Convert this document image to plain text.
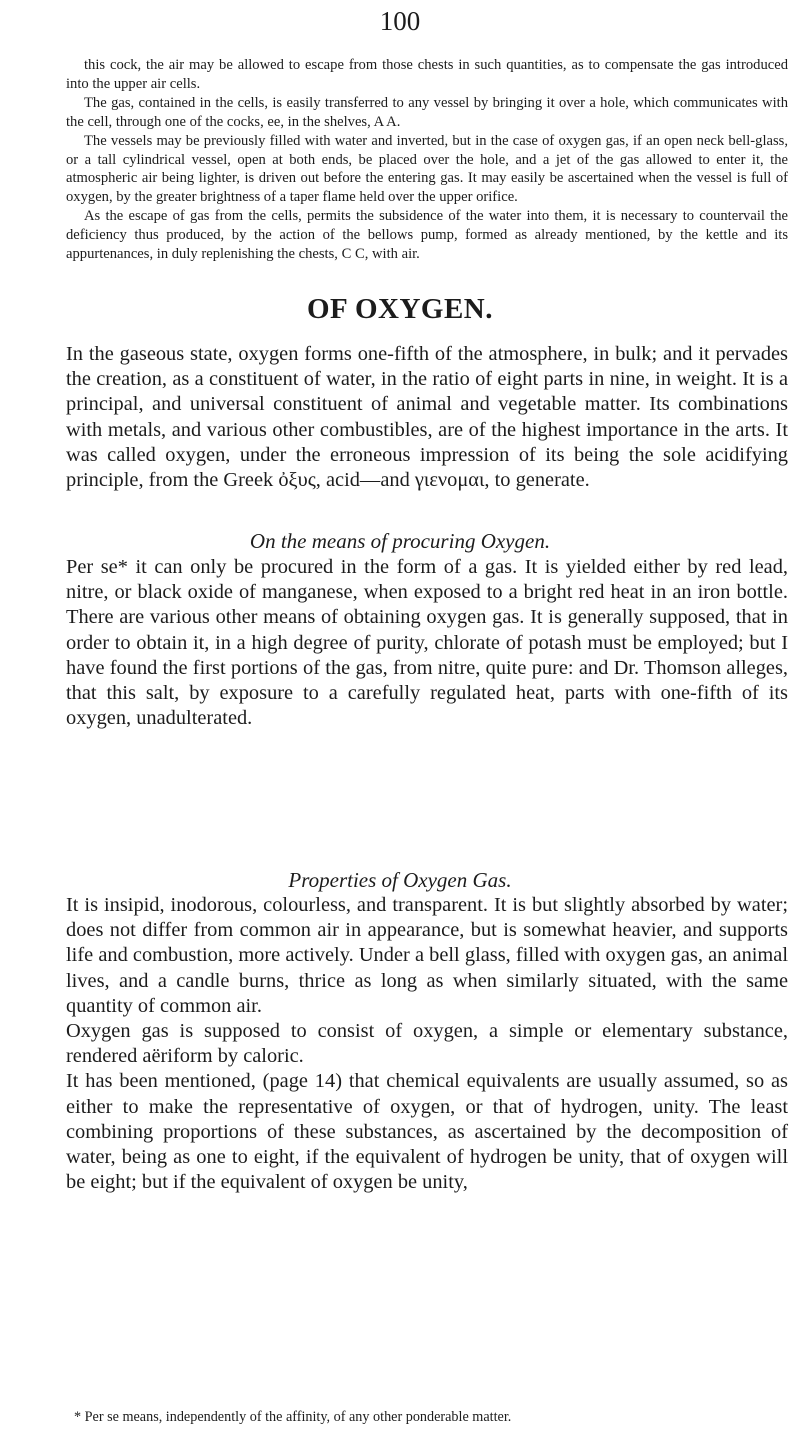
100

this cock, the air may be allowed to escape from those chests in such quantities, as to compensate the gas introduced into the upper air cells.

The gas, contained in the cells, is easily transferred to any vessel by bringing it over a hole, which communicates with the cell, through one of the cocks, ee, in the shelves, A A.

The vessels may be previously filled with water and inverted, but in the case of oxygen gas, if an open neck bell-glass, or a tall cylindrical vessel, open at both ends, be placed over the hole, and a jet of the gas allowed to enter it, the atmospheric air being lighter, is driven out before the entering gas. It may easily be ascertained when the vessel is full of oxygen, by the greater brightness of a taper flame held over the upper orifice.

As the escape of gas from the cells, permits the subsidence of the water into them, it is necessary to countervail the deficiency thus produced, by the action of the bellows pump, formed as already mentioned, by the kettle and its appurtenances, in duly replenishing the chests, C C, with air.

OF OXYGEN.

In the gaseous state, oxygen forms one-fifth of the atmosphere, in bulk; and it pervades the creation, as a constituent of water, in the ratio of eight parts in nine, in weight. It is a principal, and universal constituent of animal and vegetable matter. Its combinations with metals, and various other combustibles, are of the highest importance in the arts. It was called oxygen, under the erroneous impression of its being the sole acidifying principle, from the Greek ὀξυς, acid—and γιενομαι, to generate.

On the means of procuring Oxygen.

Per se* it can only be procured in the form of a gas. It is yielded either by red lead, nitre, or black oxide of manganese, when exposed to a bright red heat in an iron bottle. There are various other means of obtaining oxygen gas. It is generally supposed, that in order to obtain it, in a high degree of purity, chlorate of potash must be employed; but I have found the first portions of the gas, from nitre, quite pure: and Dr. Thomson alleges, that this salt, by exposure to a carefully regulated heat, parts with one-fifth of its oxygen, unadulterated.

Properties of Oxygen Gas.

It is insipid, inodorous, colourless, and transparent. It is but slightly absorbed by water; does not differ from common air in appearance, but is somewhat heavier, and supports life and combustion, more actively. Under a bell glass, filled with oxygen gas, an animal lives, and a candle burns, thrice as long as when similarly situated, with the same quantity of common air.

Oxygen gas is supposed to consist of oxygen, a simple or elementary substance, rendered aëriform by caloric.

It has been mentioned, (page 14) that chemical equivalents are usually assumed, so as either to make the representative of oxygen, or that of hydrogen, unity. The least combining proportions of these substances, as ascertained by the decomposition of water, being as one to eight, if the equivalent of hydrogen be unity, that of oxygen will be eight; but if the equivalent of oxygen be unity,

* Per se means, independently of the affinity, of any other ponderable matter.
